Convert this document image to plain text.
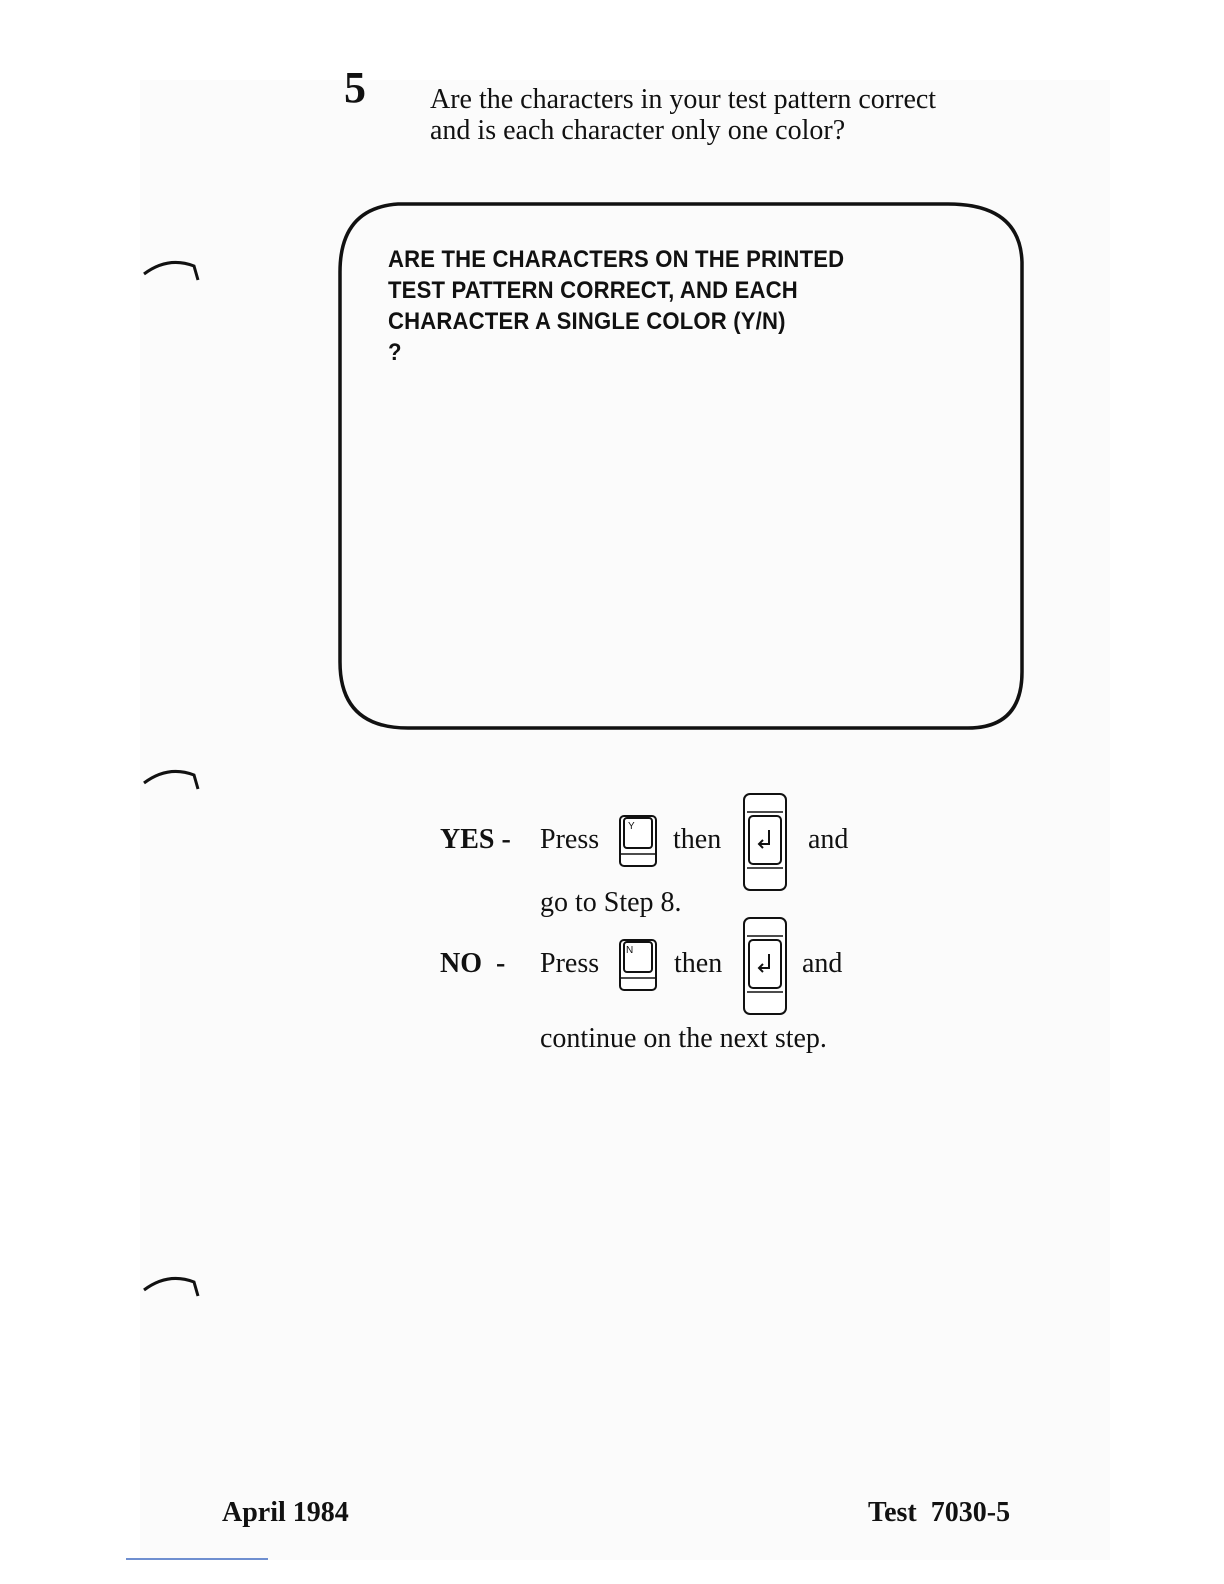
5 Are the characters in your test pattern correct
and is each character only one color?
ARE THE CHARACTERS ON THE PRINTED
TEST PATTERN CORRECT, AND EACH
CHARACTER A SINGLE COLOR (Y/N)
?
YES - Press	Y then	and
go to Step 8.
NO  - Press	N then	and
continue on the next step.
April 1984	Test  7030-5
